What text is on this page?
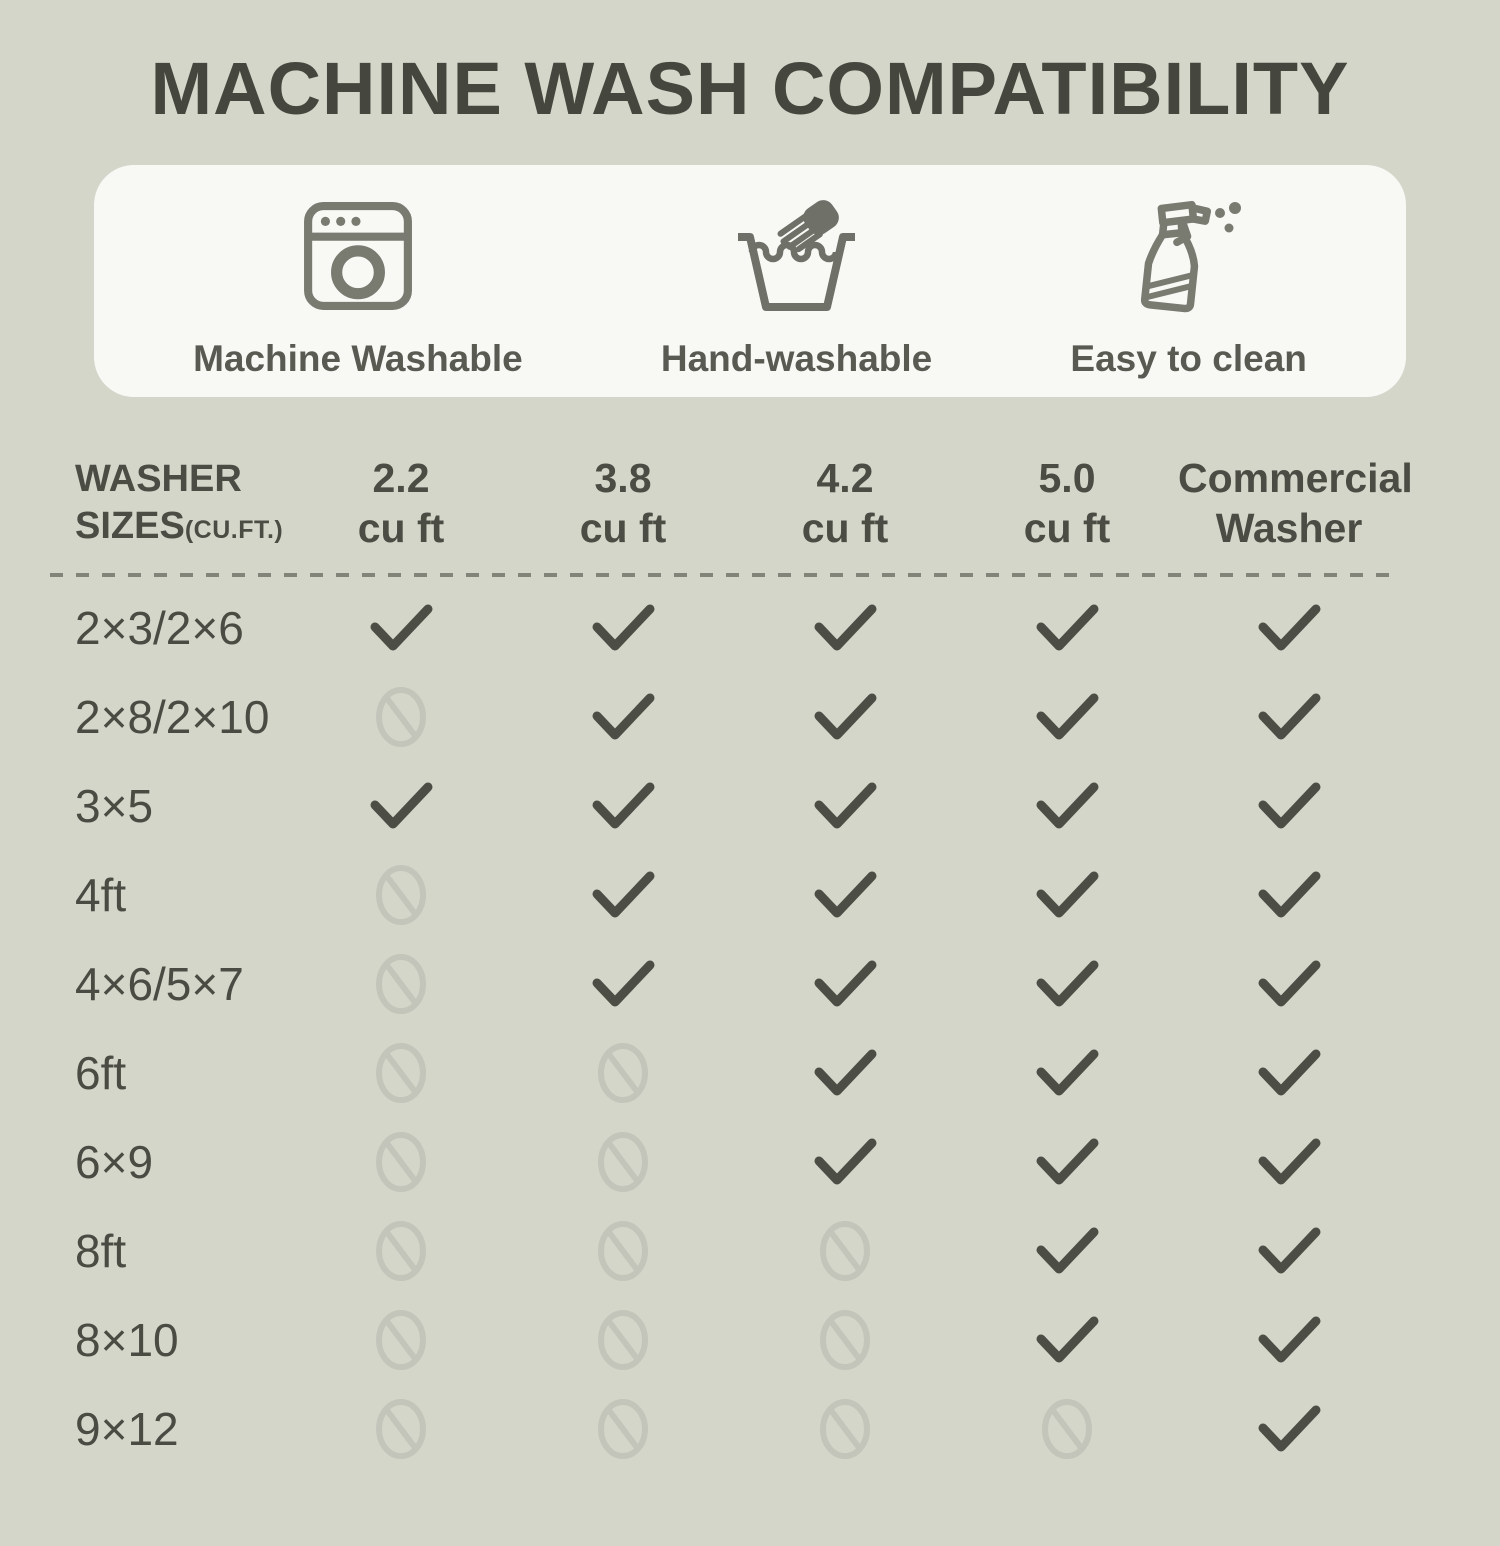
MACHINE WASH COMPATIBILITY
Machine Washable	Hand-washable	Easy to clean
WASHER
SIZES(CU.FT.)
2.2
cu ft
3.8
cu ft
4.2
cu ft
5.0
cu ft
Commercial
Washer
2×3/2×6
2×8/2×10
3×5
4ft
4×6/5×7
6ft
6×9
8ft
8×10
9×12
